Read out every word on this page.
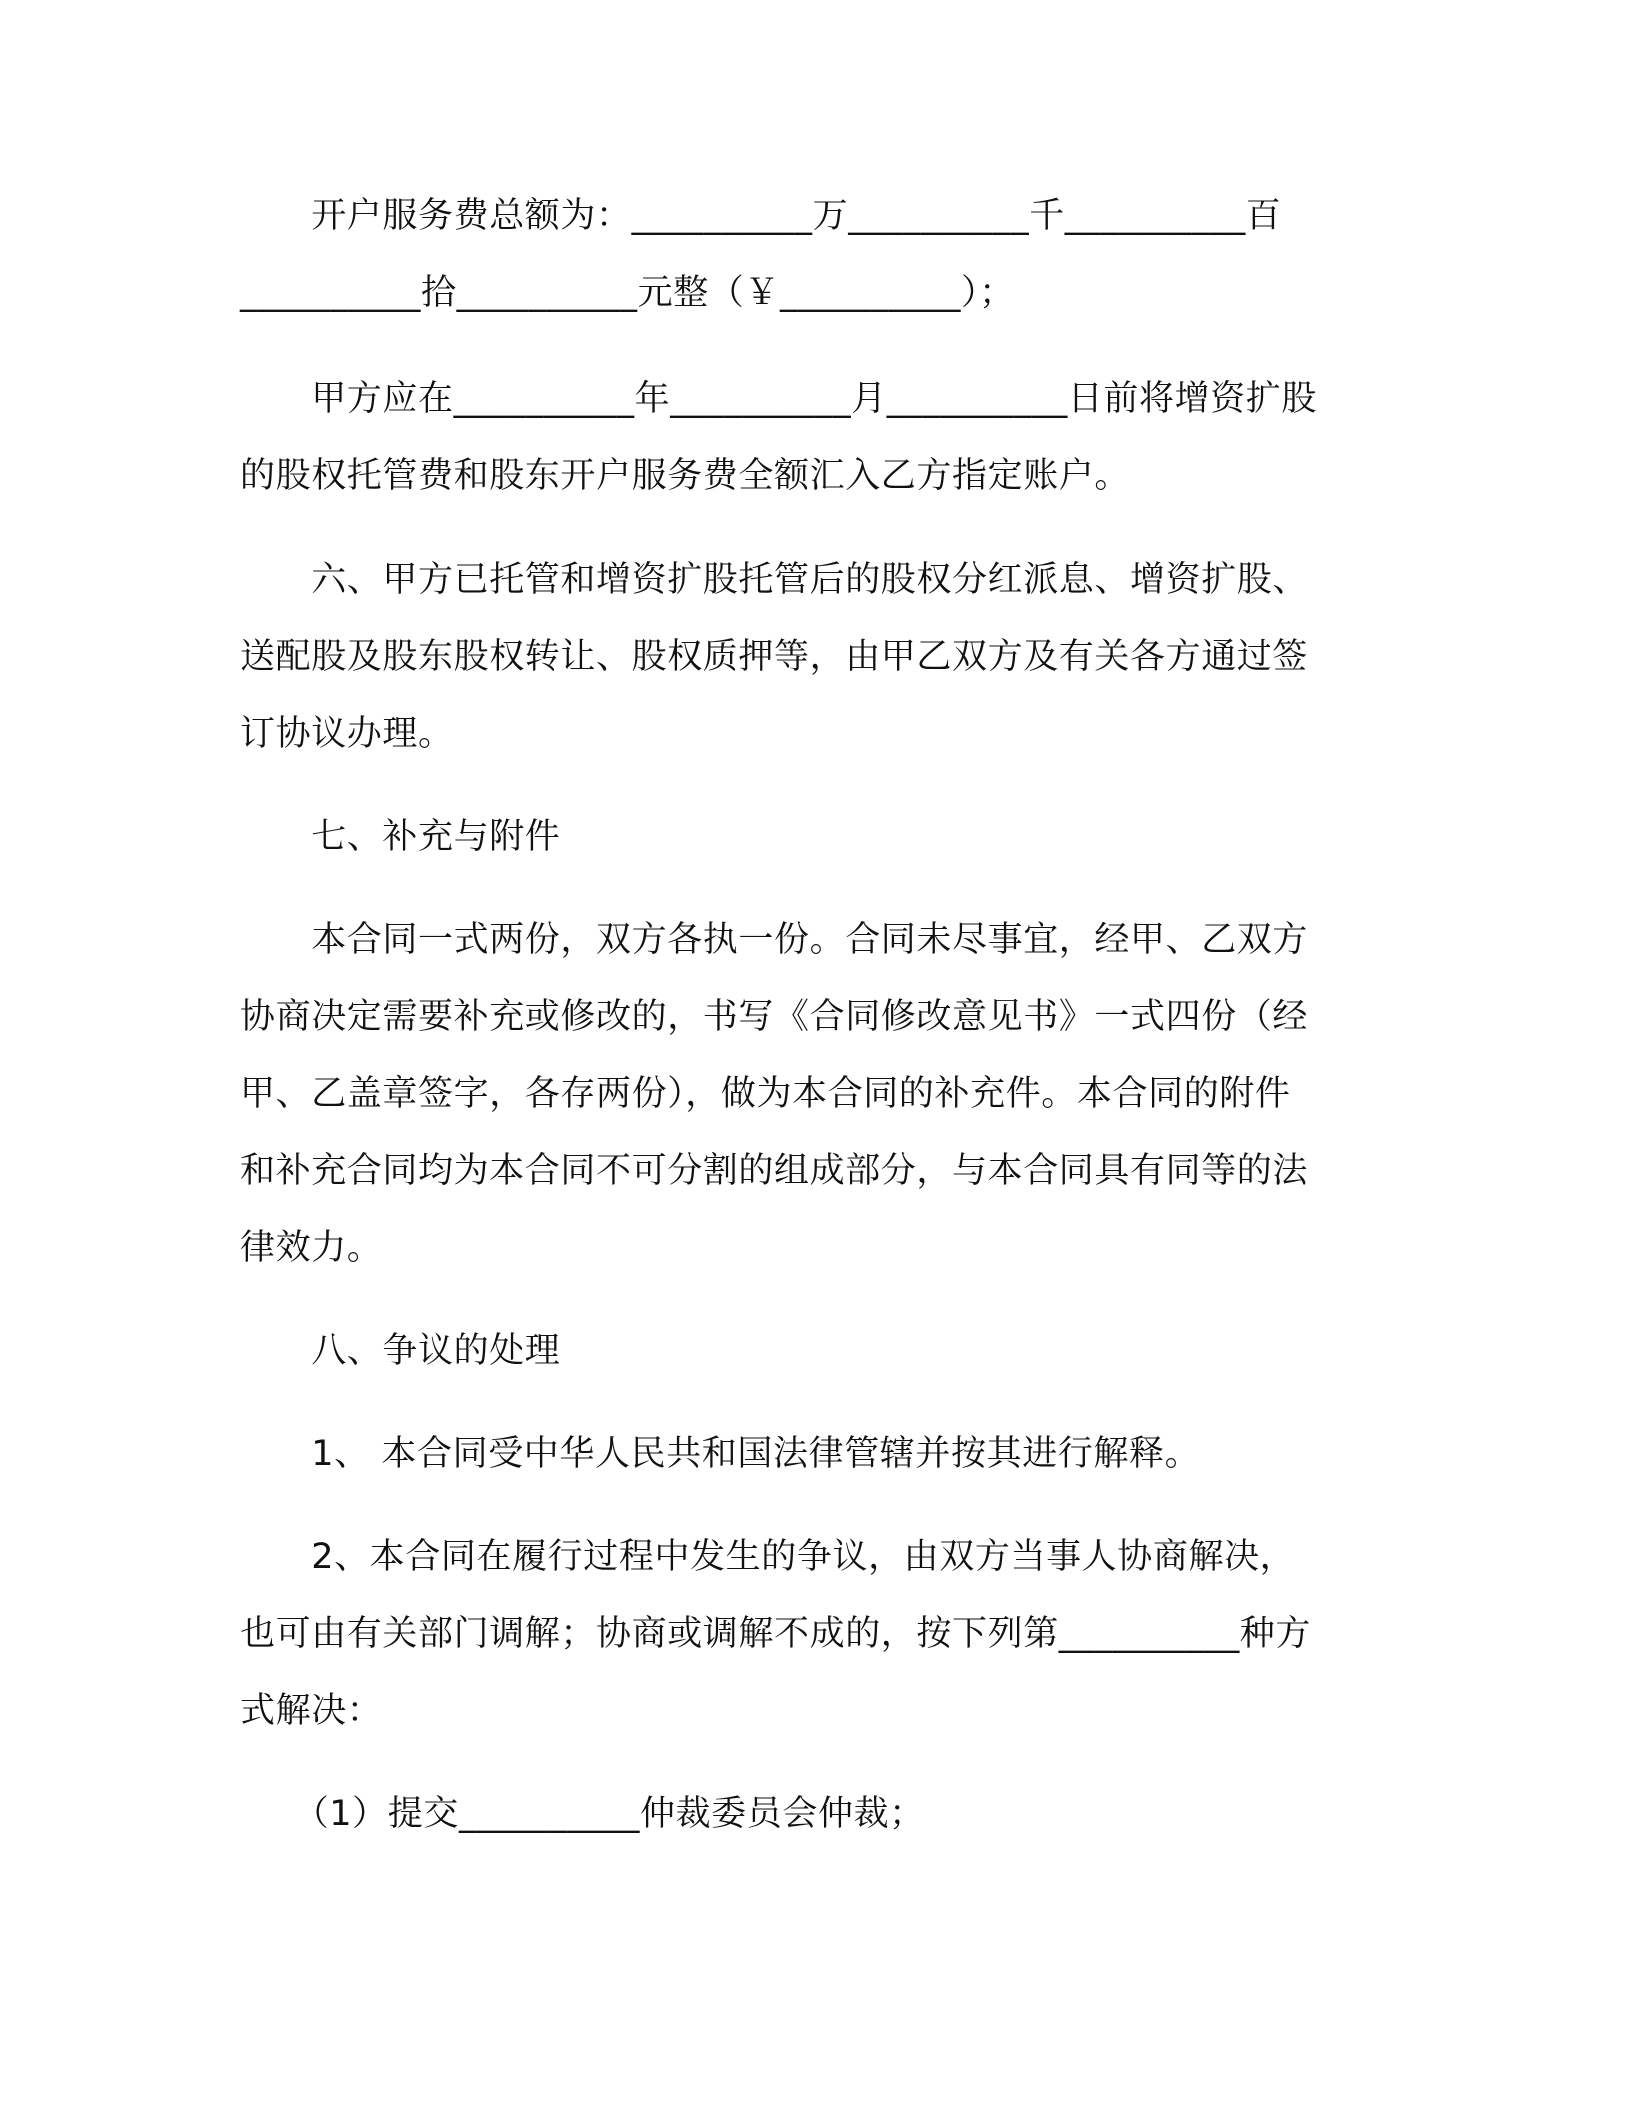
　　开户服务费总额为：__________万__________千__________百
__________拾__________元整（￥__________）；
　　甲方应在__________年__________月__________日前将增资扩股
的股权托管费和股东开户服务费全额汇入乙方指定账户。
　　六、甲方已托管和增资扩股托管后的股权分红派息、增资扩股、
送配股及股东股权转让、股权质押等，由甲乙双方及有关各方通过签
订协议办理。
　　七、补充与附件
　　本合同一式两份，双方各执一份。合同未尽事宜，经甲、乙双方
协商决定需要补充或修改的，书写《合同修改意见书》一式四份（经
甲、乙盖章签字，各存两份），做为本合同的补充件。本合同的附件
和补充合同均为本合同不可分割的组成部分，与本合同具有同等的法
律效力。
　　八、争议的处理
　　1、 本合同受中华人民共和国法律管辖并按其进行解释。
　　2、本合同在履行过程中发生的争议，由双方当事人协商解决，
也可由有关部门调解；协商或调解不成的，按下列第__________种方
式解决：
　　（1）提交__________仲裁委员会仲裁；
